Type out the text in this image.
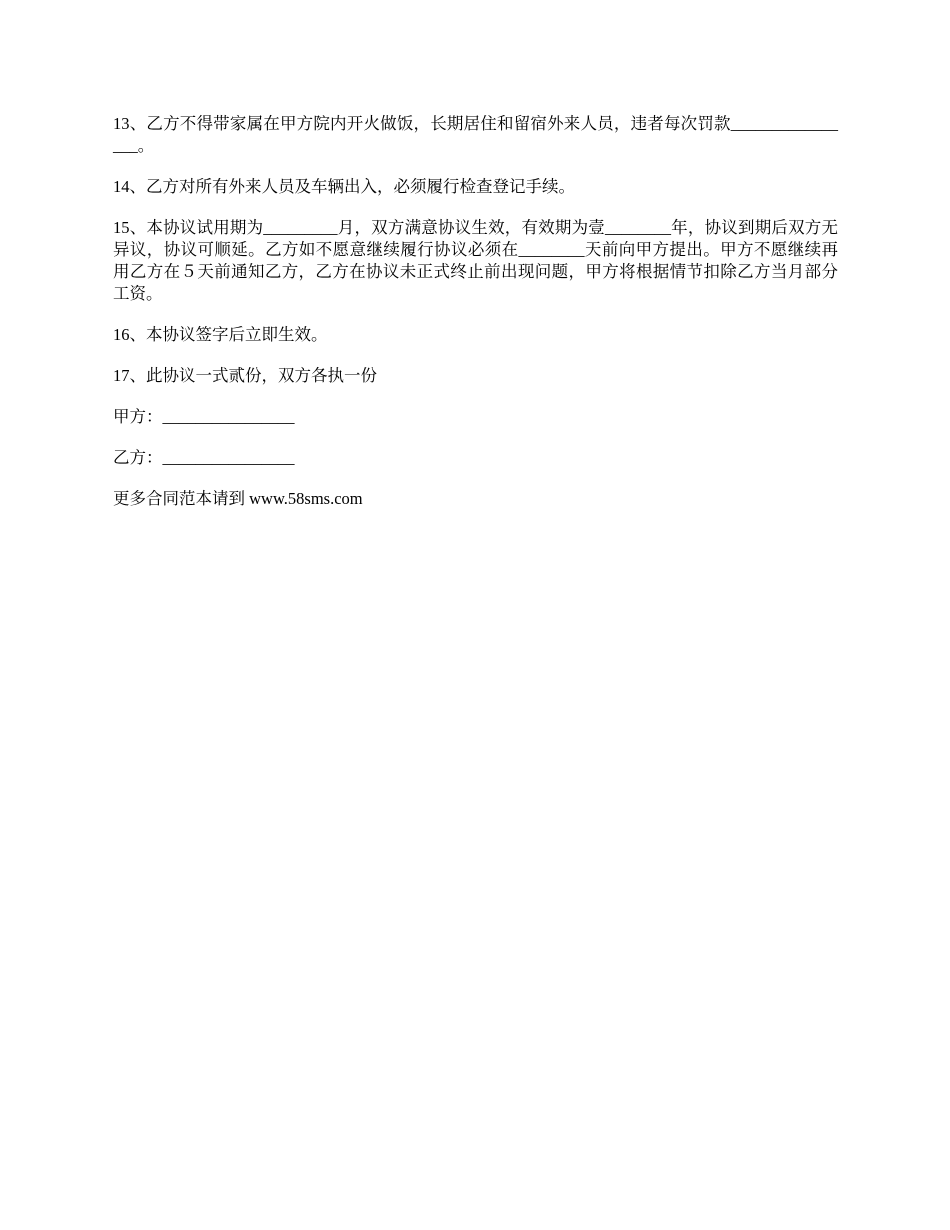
13、乙方不得带家属在甲方院内开火做饭，长期居住和留宿外来人员，违者每次罚款________________。

14、乙方对所有外来人员及车辆出入，必须履行检查登记手续。

15、本协议试用期为_________月，双方满意协议生效，有效期为壹________年，协议到期后双方无异议，协议可顺延。乙方如不愿意继续履行协议必须在________天前向甲方提出。甲方不愿继续再用乙方在５天前通知乙方，乙方在协议未正式终止前出现问题，甲方将根据情节扣除乙方当月部分工资。

16、本协议签字后立即生效。

17、此协议一式贰份，双方各执一份

甲方：________________

乙方：________________

更多合同范本请到 www.58sms.com
